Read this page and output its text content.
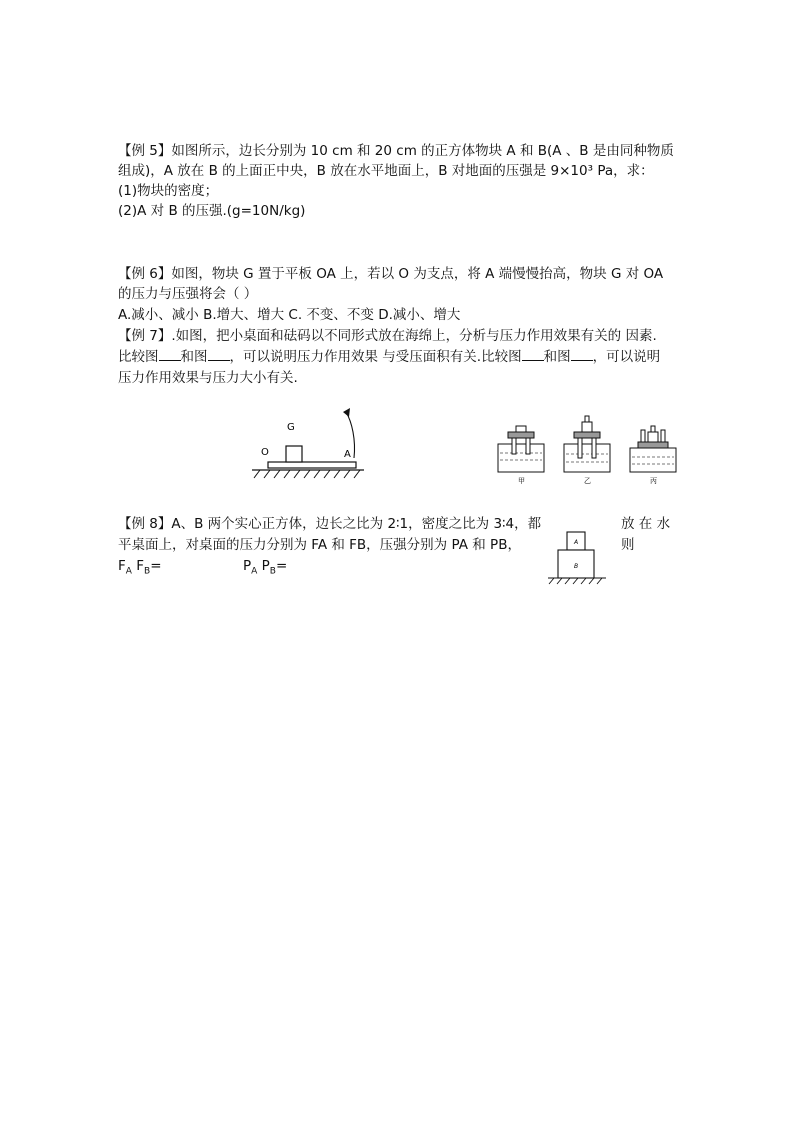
【例 5】如图所示，边长分别为 10 cm 和 20 cm 的正方体物块 A 和 B(A 、B 是由同种物质
组成)，A 放在 B 的上面正中央，B 放在水平地面上，B 对地面的压强是 9×10³ Pa，求：
(1)物块的密度；
(2)A 对 B 的压强.(g=10N/kg)
【例 6】如图，物块 G 置于平板 OA 上，若以 O 为支点，将 A 端慢慢抬高，物块 G 对 OA
的压力与压强将会（ ）
A.减小、减小 B.增大、增大 C. 不变、不变 D.减小、增大
【例 7】.如图，把小桌面和砝码以不同形式放在海绵上，分析与压力作用效果有关的 因素.
比较图 和图 ，可以说明压力作用效果 与受压面积有关.比较图 和图 ，可以说明
压力作用效果与压力大小有关.
G
O	A
甲	乙	丙
【例 8】A、B 两个实心正方体，边长之比为 2∶1，密度之比为 3∶4，都	放 在 水
平桌面上，对桌面的压力分别为 FA 和 FB，压强分别为 PA 和 PB，	则
$F_A$ $F_B=$	$P_A$ $P_B=$
A
B
